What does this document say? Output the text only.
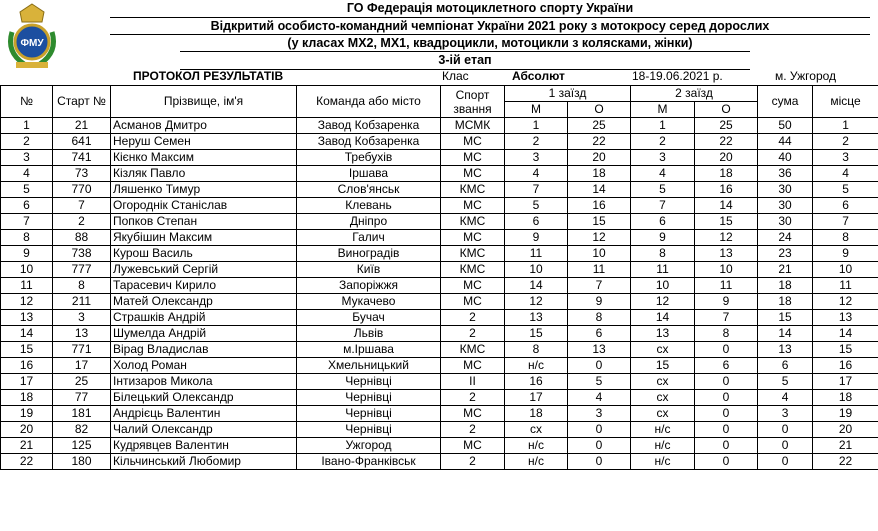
ФМУ
ГО Федерація мотоциклетного спорту України
Відкритий особисто-командний чемпіонат України 2021 року з мотокросу серед дорослих
(у класах МХ2, МХ1, квадроцикли, мотоцикли з колясками, жінки)
3-ій етап
ПРОТОКОЛ РЕЗУЛЬТАТІВ	Клас	Абсолют	18-19.06.2021 р.	м. Ужгород
№	Старт №	Прізвище, ім'я	Команда або місто	Спорт звання	1 заїзд		2 заїзд		сума	місце
					М	О	М	О		
1	21	Асманов Дмитро	Завод Кобзаренка	МСМК	1	25	1	25	50	1
2	641	Неруш Семен	Завод Кобзаренка	МС	2	22	2	22	44	2
3	741	Кієнко Максим	Требухів	МС	3	20	3	20	40	3
4	73	Кізляк Павло	Іршава	МС	4	18	4	18	36	4
5	770	Ляшенко Тимур	Слов'янськ	КМС	7	14	5	16	30	5
6	7	Огороднік Станіслав	Клевань	МС	5	16	7	14	30	6
7	2	Попков Степан	Дніпро	КМС	6	15	6	15	30	7
8	88	Якубішин Максим	Галич	МС	9	12	9	12	24	8
9	738	Курош Василь	Виноградів	КМС	11	10	8	13	23	9
10	777	Лужевський Сергій	Київ	КМС	10	11	11	10	21	10
11	8	Тарасевич Кирило	Запоріжжя	МС	14	7	10	11	18	11
12	211	Матей Олександр	Мукачево	МС	12	9	12	9	18	12
13	3	Страшків Андрій	Бучач	2	13	8	14	7	15	13
14	13	Шумелда Андрій	Львів	2	15	6	13	8	14	14
15	771	Вірag Владислав	м.Іршава	КМС	8	13	сх	0	13	15
16	17	Холод Роман	Хмельницький	МС	н/с	0	15	6	6	16
17	25	Інтизаров Микола	Чернівці	ІІ	16	5	сх	0	5	17
18	77	Білецький Олександр	Чернівці	2	17	4	сх	0	4	18
19	181	Андрієць Валентин	Чернівці	МС	18	3	сх	0	3	19
20	82	Чалий Олександр	Чернівці	2	сх	0	н/с	0	0	20
21	125	Кудрявцев Валентин	Ужгород	МС	н/с	0	н/с	0	0	21
22	180	Кільчинський Любомир	Івано-Франківськ	2	н/с	0	н/с	0	0	22
